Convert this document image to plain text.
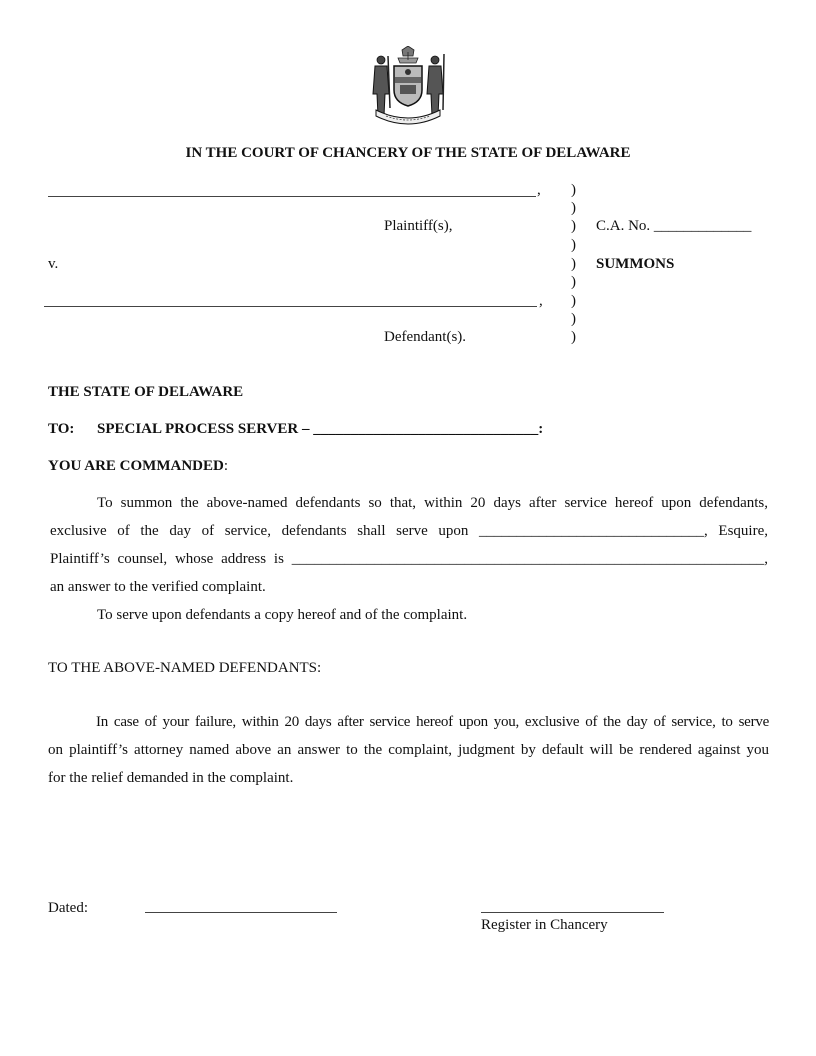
IN THE COURT OF CHANCERY OF THE STATE OF DELAWARE
,
Plaintiff(s),
v.
,
Defendant(s).
)
)
)
)
)
)
)
)
)
C.A. No. _____________
SUMMONS
THE STATE OF DELAWARE
TO: SPECIAL PROCESS SERVER – ______________________________:
YOU ARE COMMANDED:
To summon the above-named defendants so that, within 20 days after service hereof upon defendants,
exclusive of the day of service, defendants shall serve upon ______________________________, Esquire,
Plaintiff’s counsel, whose address is _______________________________________________________________,
an answer to the verified complaint.
To serve upon defendants a copy hereof and of the complaint.
TO THE ABOVE-NAMED DEFENDANTS:
In case of your failure, within 20 days after service hereof upon you, exclusive of the day of service, to serve
on plaintiff’s attorney named above an answer to the complaint, judgment by default will be rendered against you
for the relief demanded in the complaint.
Dated:
Register in Chancery
